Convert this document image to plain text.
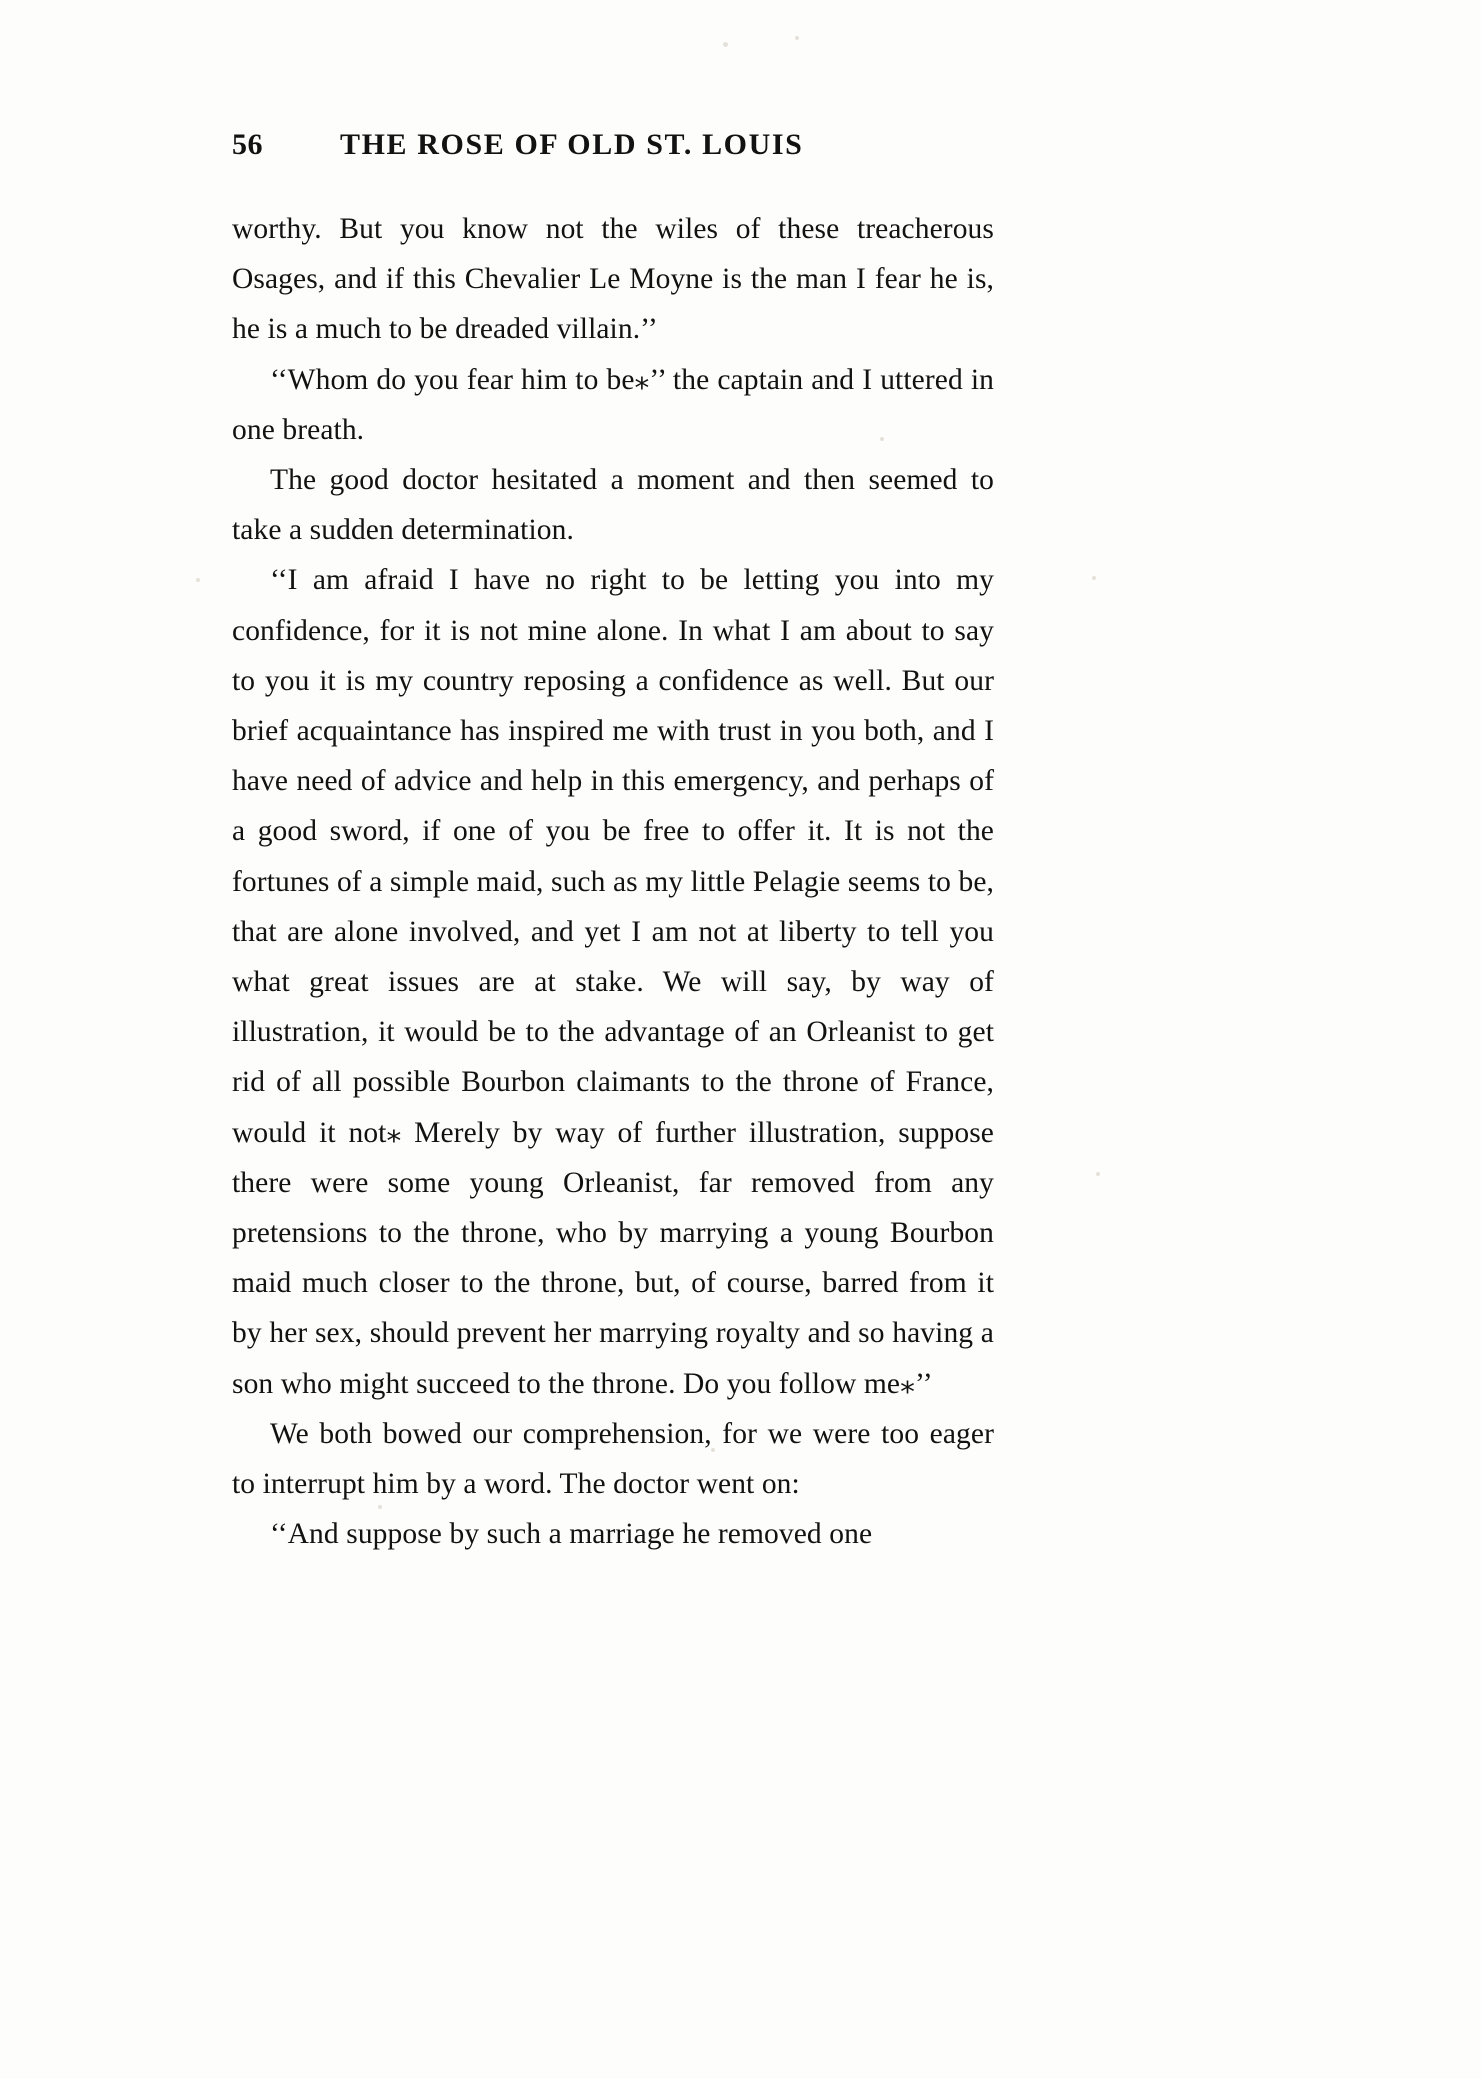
56	THE ROSE OF OLD ST. LOUIS

worthy. But you know not the wiles of these treacherous Osages, and if this Chevalier Le Moyne is the man I fear he is, he is a much to be dreaded villain.’’

‘‘Whom do you fear him to be⁎’’ the captain and I uttered in one breath.

The good doctor hesitated a moment and then seemed to take a sudden determination.

‘‘I am afraid I have no right to be letting you into my confidence, for it is not mine alone. In what I am about to say to you it is my country reposing a confidence as well. But our brief acquaintance has inspired me with trust in you both, and I have need of advice and help in this emergency, and perhaps of a good sword, if one of you be free to offer it. It is not the fortunes of a simple maid, such as my little Pelagie seems to be, that are alone involved, and yet I am not at liberty to tell you what great issues are at stake. We will say, by way of illustration, it would be to the advantage of an Orleanist to get rid of all possible Bourbon claimants to the throne of France, would it not⁎ Merely by way of further illustration, suppose there were some young Orleanist, far removed from any pretensions to the throne, who by marrying a young Bourbon maid much closer to the throne, but, of course, barred from it by her sex, should prevent her marrying royalty and so having a son who might succeed to the throne. Do you follow me⁎’’

We both bowed our comprehension, for we were too eager to interrupt him by a word. The doctor went on:

‘‘And suppose by such a marriage he removed one
